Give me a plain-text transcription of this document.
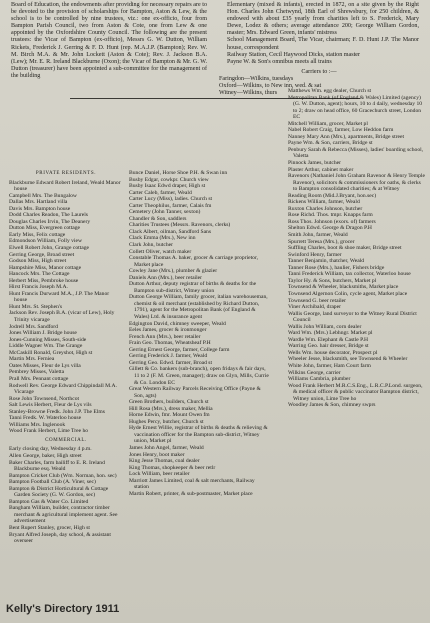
Board of Education, the endowments after providing for necessary repairs are to be devoted to the provision of scholarships for Bampton, Aston & Lew, & the school is to be controlled by nine trustees, viz.: one ex-officio, four from Bampton Parish Council, two from Aston & Cote, one from Lew & one appointed by the Oxfordshire County Council. The following are the present trustees: the Vicar of Bampton (ex-officio), Messrs G. W. Dutton, William Rickets, Frederick J. Gerring & F. D. Hunt (rep. M.A.J.P. (Bampton); Rev. W. M. Birch M.A. & Mr. John Lockett (Aston & Cote); Rev. J. Jackson B.A. (Lew); Mr. E. R. Ireland Blackburne (Oxon); the Vicar of Bampton & Mr. G. W. Dutton (treasurer) have been appointed a sub-committee for the management of the building
Elementary (mixed & infants), erected in 1872, on a site given by the Right Hon. Charles John Chetwynd, 18th Earl of Shrewsbury, for 250 children, & endowed with about £35 yearly from charities left to S. Frederick, Mary Dewe, Lodez & others; average attendance 200; George William Gordon, master; Mrs. Edward Green, infants' mistress
School Management Board, The Vicar, chairman; F. D. Hunt J.P. The Manor house, correspondent
Railway Station, Cecil Haywood Dicks, station master
Payne W. & Son's omnibus meets all trains
Carriers to :—
Faringdon—Wilkins, tuesdays
Oxford—Wilkins, to New inn, wed. & sat
Witney—Wilkins, thurs
PRIVATE RESIDENTS.
Blackburne Edward Robert Ireland, Weald Manor house
Campbell Mrs. The Bungalow
Dallas Mrs. Hartland villa
Davis Mrs. Bampton house
Dodd Charles Readon, The Laurels
Douglas Charles Irvin, The Deanery
Dutton Miss, Evergreen cottage
Early Miss, Felix cottage
Edmondson William, Folly view
Elwell Robert John, Grange cottage
Gerring George, Broad street
Godson Miss, High street
Hampshire Miss, Manor cottage
Hancock Mrs. The Cottage
Herbert Miss, Pembroke house
Hirst Francis Joseph M.A.
Hunt Francis Durward M.A., J.P. The Manor house
Hunt Mrs. St. Stephen's
Jackson Rev. Joseph B.A. (vicar of Lew), Holy Trinity vicarage
Jodrell Mrs. Sandford
Jones William J. Bridge house
Jones-Cunning Misses, South-side
Liddle Wagner Wm. The Grange
McCaskill Ronald, Greyshot, High st
Martin Mrs. Ferniea
Oates Misses, Fleur de Lys villa
Pembrey Misses, Valetta
Prall Mrs. Pennant cottage
Rodwell Rev. George Edward Chippindall M.A. Vicarage
Rose John Townsend, Northcot
Salt Lewis Herbert, Fleur de Lys vils
Stanley-Browne Fredk. John J.P. The Elms
Tanni Fredk. W. Waterloo house
Williams Mrs. Inglenook
Wood Frank Herbert, Lime Tree ho
COMMERCIAL.
Early closing day, Wednesday 4 p.m.
Allen George, baker, High street
Baker Charles, farm bailiff to E. R. Ireland Blackburne esq. Weald
Bampton Cricket Club (Wm. Norman, hon. sec)
Bampton Football Club (A. Viner, sec)
Bampton & District Horticultural & Cottage Garden Society (G. W. Gordon, sec)
Bampton Gas & Water Co. Limited
Bangham William, builder, contractor timber merchant & agricultural implement agent. See advertisement
Bent Rupert Stanley, grocer, High st
Bryant Alfred Joseph, day school, & assistant overseer
Bunce Daniel, Horse Shoe P.H. & Swan inn
Busby Edgar, cowkpr. Church view
Busby Isaac Edwd draper, High st
Carter Caleb, farmer, Weald
Carter Lucy (Miss), ladies. Church st
Carter Theophilus, farmer, Calais fm
Cemetery (John Tanner, sexton)
Chandler & Son, saddlers
Charities Trustees (Messrs. Ravenors, clerks)
Clack Albert, oilman, Sandford Sans
Clack Emma (Mrs.), New inn
Clark John, butcher
Collett Oliver, watch maker
Constable Thomas A. baker, grocer & carriage proprietor, Market place
Cowley Jane (Mrs.), plumber & glazier
Daniels Ann (Mrs.), beer retailer
Dutton Arthur, deputy registrar of births & deaths for the Bampton sub-district, Witney union
Dutton George William, family grocer, italian warehouseman, chemist & oil merchant (established by Richard Dutton, 1791), agent for the Metropolitan Bank (of England & Wales) Ltd. & insurance agent
Edgington David, chimney sweeper, Weald
Eeles James, grocer & ironmonger
French Ann (Mrs.), beer retailer
Frain Geo. Thomas, Wheatsheaf P.H
Gerring Ernest George, farmer, College farm
Gerring Frederick J. farmer, Weald
Gerring Geo. Edwd. farmer, Broad st
Gillett & Co. bankers (sub-branch), open fridays & fair days, 11 to 2 (F. M. Green, manager); draw on Glyn, Mills, Currie & Co. London EC
Great Western Railway Parcels Receiving Office (Payne & Son, agts)
Green Brothers, builders, Church st
Hill Rosa (Mrs.), dress maker, Mellia
Horne Edwin, fmr. Mount Owen fm
Hughes Percy, butcher, Church st
Hyde Ernest Willie, registrar of births & deaths & relieving & vaccination officer for the Bampton sub-district, Witney union, Market pl
James John Angel, farmer, Weald
Jones Henry, boot maker
King Jesse Thomas, coal dealer
King Thomas, shopkeeper & beer retlr
Lock William, beer retailer
Marriott James Limited, coal & salt merchants, Railway station
Martin Robert, printer, & sub-postmaster, Market place
Matthews Wm. egg dealer, Church st
Metropolitan Bank (of England & Wales) Limited (agency) (G. W. Dutton, agent); hours, 10 to 4 daily, wednesday 10 to 2; draw on head office, 60 Gracechurch street, London EC
Mitchell William, grocer, Market pl
Nabel Robert Craig, farmer, Low Heddon farm
Nanney Mary Ann (Mrs.), apartments, Bridge street
Payne Wm. & Son, carriers, Bridge st
Penbury Sarah & Rebecca (Misses), ladies' boarding school, Valetta
Pinnock James, butcher
Plaster Arthur, cabinet maker
Ravenors (Nathaniel John Graham Ravenor & Henry Temple Ravenor), solicitors & commissioners for oaths, & clerks to Bampton consolidated charities; & at Witney
Reading Room (Mid.J.Bryant, hon.sec)
Rickens William, farmer, Weald
Ruxton Charles Johnson, butcher
Rose Richd. Thos. tmpr. Knapps farm
Ross Thos. Johnson (exors. of) farmers
Shelton Edwd. George & Dragon P.H
Smith John, farmer, Weald
Spurrett Teresa (Mrs.), grocer
Suffling Charles, boot & shoe maker, Bridge street
Swinford Henry, farmer
Tanner Benjamin, thatcher, Weald
Tanner Rose (Mrs.), haulier, Fishers bridge
Tanni Frederick William, tax collector, Waterloo house
Taylor Hy. & Sons, butchers, Market pl
Townsend & Wheeler, blacksmiths, Market place
Townsend Algernon Colin, cycle agent, Market place
Townsend G. beer retailer
Viner Archibald, draper
Wallis George, land surveyor to the Witney Rural District Council
Wallis John William, corn dealer
Ward Wm. (Mrs.) Lebhngr. Market pl
Wardle Wm. Elephant & Castle P.H
Warring Geo. hair dresser, Bridge st
Wells Wm. house decorator, Prospect pl
Wheeler Jesse, blacksmith, see Townsend & Wheeler
White John, farmer, Ham Court farm
Wilkins George, carrier
Williams Cambria, plumber
Wood Frank Herbert M.R.C.S.Eng., L.R.C.P.Lond. surgeon, & medical officer & public vaccinator Bampton district, Witney union, Lime Tree ho
Woodley James & Son, chimney swprs
Kelly's Directory 1911
